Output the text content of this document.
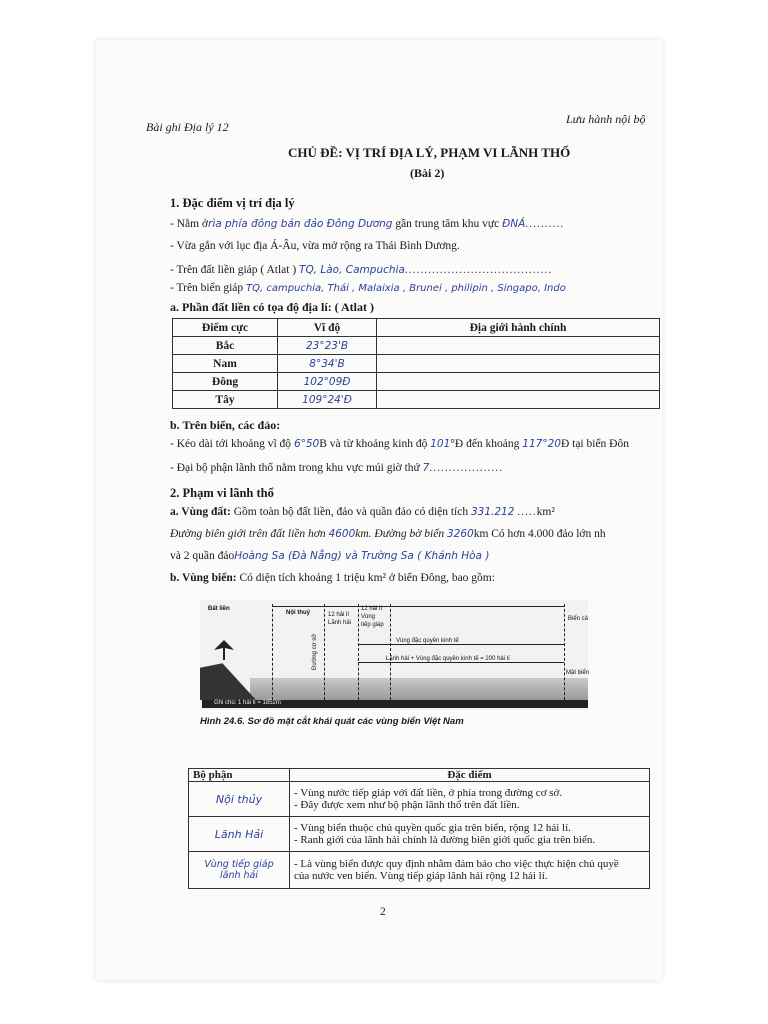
Bài ghi Địa lý 12
Lưu hành nội bộ
CHỦ ĐỀ: VỊ TRÍ ĐỊA LÝ, PHẠM VI LÃNH THỔ
(Bài 2)
1. Đặc điểm vị trí địa lý
- Nằm ởrìa phía đông bán đảo Đông Dương gần trung tâm khu vực ĐNÁ..........
- Vừa gắn với lục địa Á-Âu, vừa mở rộng ra Thái Bình Dương.
- Trên đất liền giáp ( Atlat ) TQ, Lào, Campuchia......................................
- Trên biển giáp TQ, campuchia, Thái , Malaixia , Brunei , philipin , Singapo, Indo
a. Phần đất liền có tọa độ địa lí: ( Atlat )
Điểm cực	Vĩ độ	Địa giới hành chính
Bắc	23°23'B	
Nam	8°34'B	
Đông	102°09Đ	
Tây	109°24'Đ	
b. Trên biển, các đảo:
- Kéo dài tới khoảng vĩ độ 6°50B và từ khoảng kinh độ 101°Đ đến khoảng 117°20Đ tại biển Đôn
- Đại bộ phận lãnh thổ nằm trong khu vực múi giờ thứ 7...................
2. Phạm vi lãnh thổ
a. Vùng đất: Gồm toàn bộ đất liền, đảo và quần đảo có diện tích 331.212 .....km²
Đường biên giới trên đất liền hơn 4600km. Đường bờ biển 3260km Có hơn 4.000 đảo lớn nh
và 2 quần đảoHoàng Sa (Đà Nẵng) và Trường Sa ( Khánh Hòa )
b. Vùng biển: Có diện tích khoảng 1 triệu km² ở biển Đông, bao gồm:
Đất liền
Nội thuỷ	12 hải lí
Lãnh hải
12 hải lí
Vùng
tiếp giáp
Đường cơ sở	Vùng đặc quyền kinh tế
Lãnh hải + Vùng đặc quyền kinh tế = 200 hải lí
Biển cả
Mặt biển
Ghi chú: 1 hải lí = 1852m
Hình 24.6. Sơ đồ mặt cắt khái quát các vùng biển Việt Nam
Bộ phận	Đặc điểm
Nội thủy	- Vùng nước tiếp giáp với đất liền, ở phía trong đường cơ sở.
- Đây được xem như bộ phận lãnh thổ trên đất liền.

Lãnh Hải	- Vùng biển thuộc chủ quyền quốc gia trên biển, rộng 12 hải lí.
- Ranh giới của lãnh hải chính là đường biên giới quốc gia trên biển.

Vùng tiếp giáp lãnh hải	- Là vùng biển được quy định nhằm đảm bảo cho việc thực hiện chủ quyề
của nước ven biển. Vùng tiếp giáp lãnh hải rộng 12 hải lí.
2
